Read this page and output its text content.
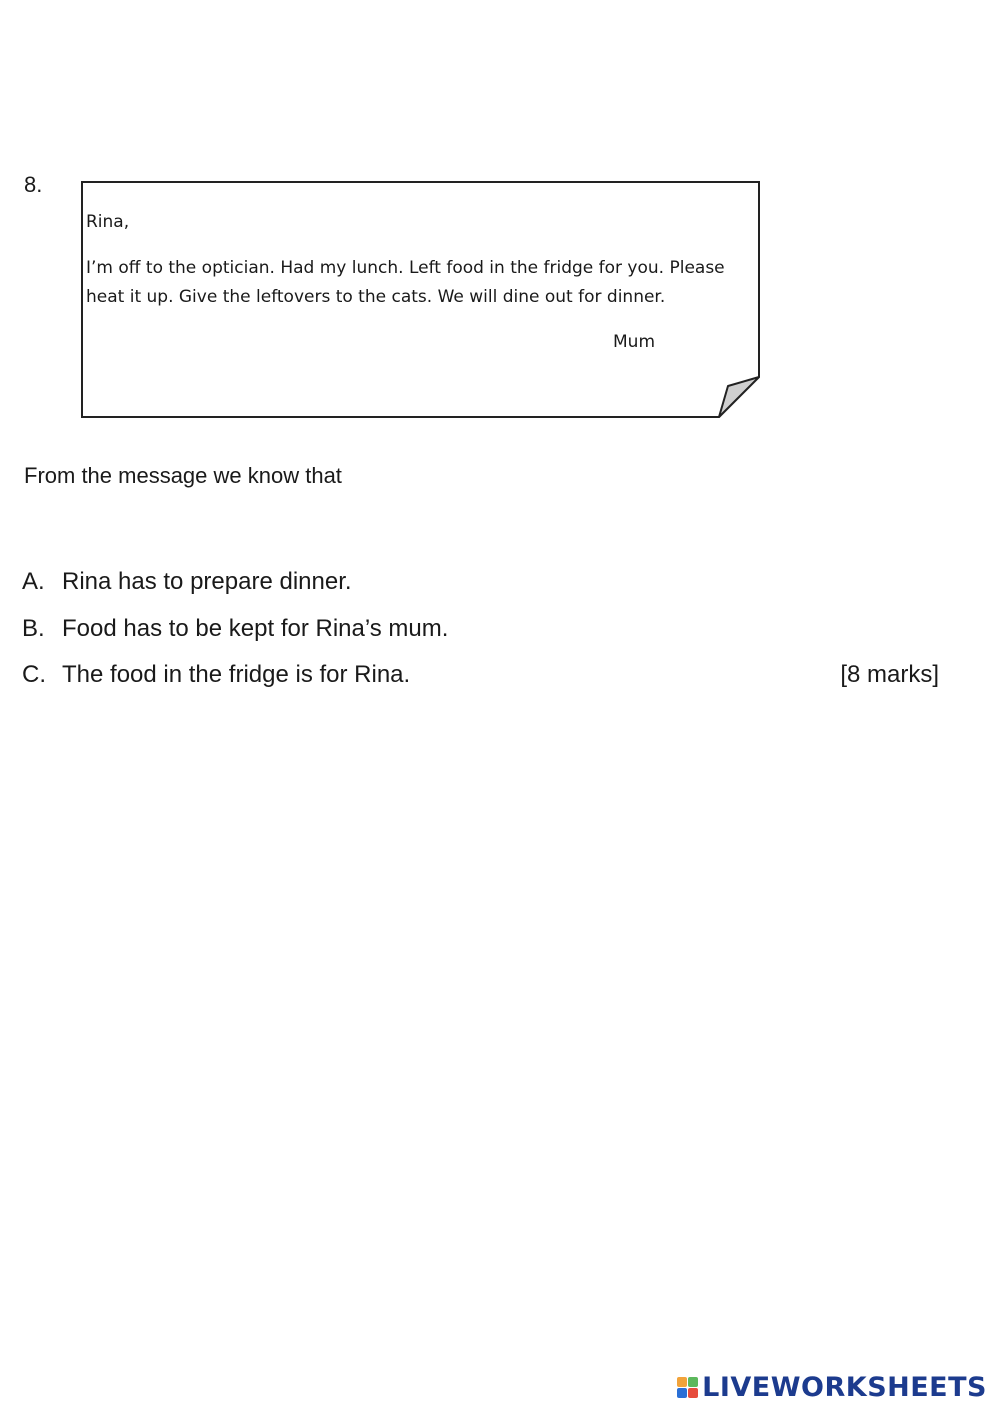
8.
Rina,
I’m off to the optician. Had my lunch. Left food in the fridge for you. Please
heat it up. Give the leftovers to the cats. We will dine out for dinner.
Mum
From the message we know that
A. Rina has to prepare dinner.
B. Food has to be kept for Rina’s mum.
C. The food in the fridge is for Rina.	[8 marks]
LIVEWORKSHEETS
